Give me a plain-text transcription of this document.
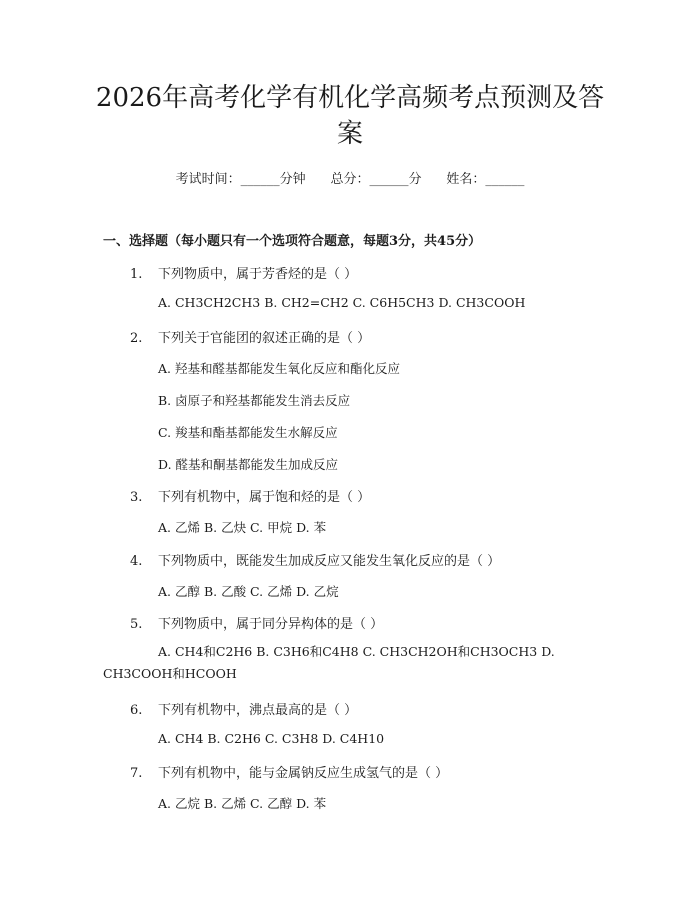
2026年高考化学有机化学高频考点预测及答案
考试时间：______分钟 总分：______分 姓名：______
一、选择题（每小题只有一个选项符合题意，每题3分，共45分）
1. 下列物质中，属于芳香烃的是（ ）
A. CH3CH2CH3 B. CH2=CH2 C. C6H5CH3 D. CH3COOH
2. 下列关于官能团的叙述正确的是（ ）
A. 羟基和醛基都能发生氧化反应和酯化反应
B. 卤原子和羟基都能发生消去反应
C. 羧基和酯基都能发生水解反应
D. 醛基和酮基都能发生加成反应
3. 下列有机物中，属于饱和烃的是（ ）
A. 乙烯 B. 乙炔 C. 甲烷 D. 苯
4. 下列物质中，既能发生加成反应又能发生氧化反应的是（ ）
A. 乙醇 B. 乙酸 C. 乙烯 D. 乙烷
5. 下列物质中，属于同分异构体的是（ ）
A. CH4和C2H6 B. C3H6和C4H8 C. CH3CH2OH和CH3OCH3 D. CH3COOH和HCOOH
6. 下列有机物中，沸点最高的是（ ）
A. CH4 B. C2H6 C. C3H8 D. C4H10
7. 下列有机物中，能与金属钠反应生成氢气的是（ ）
A. 乙烷 B. 乙烯 C. 乙醇 D. 苯
